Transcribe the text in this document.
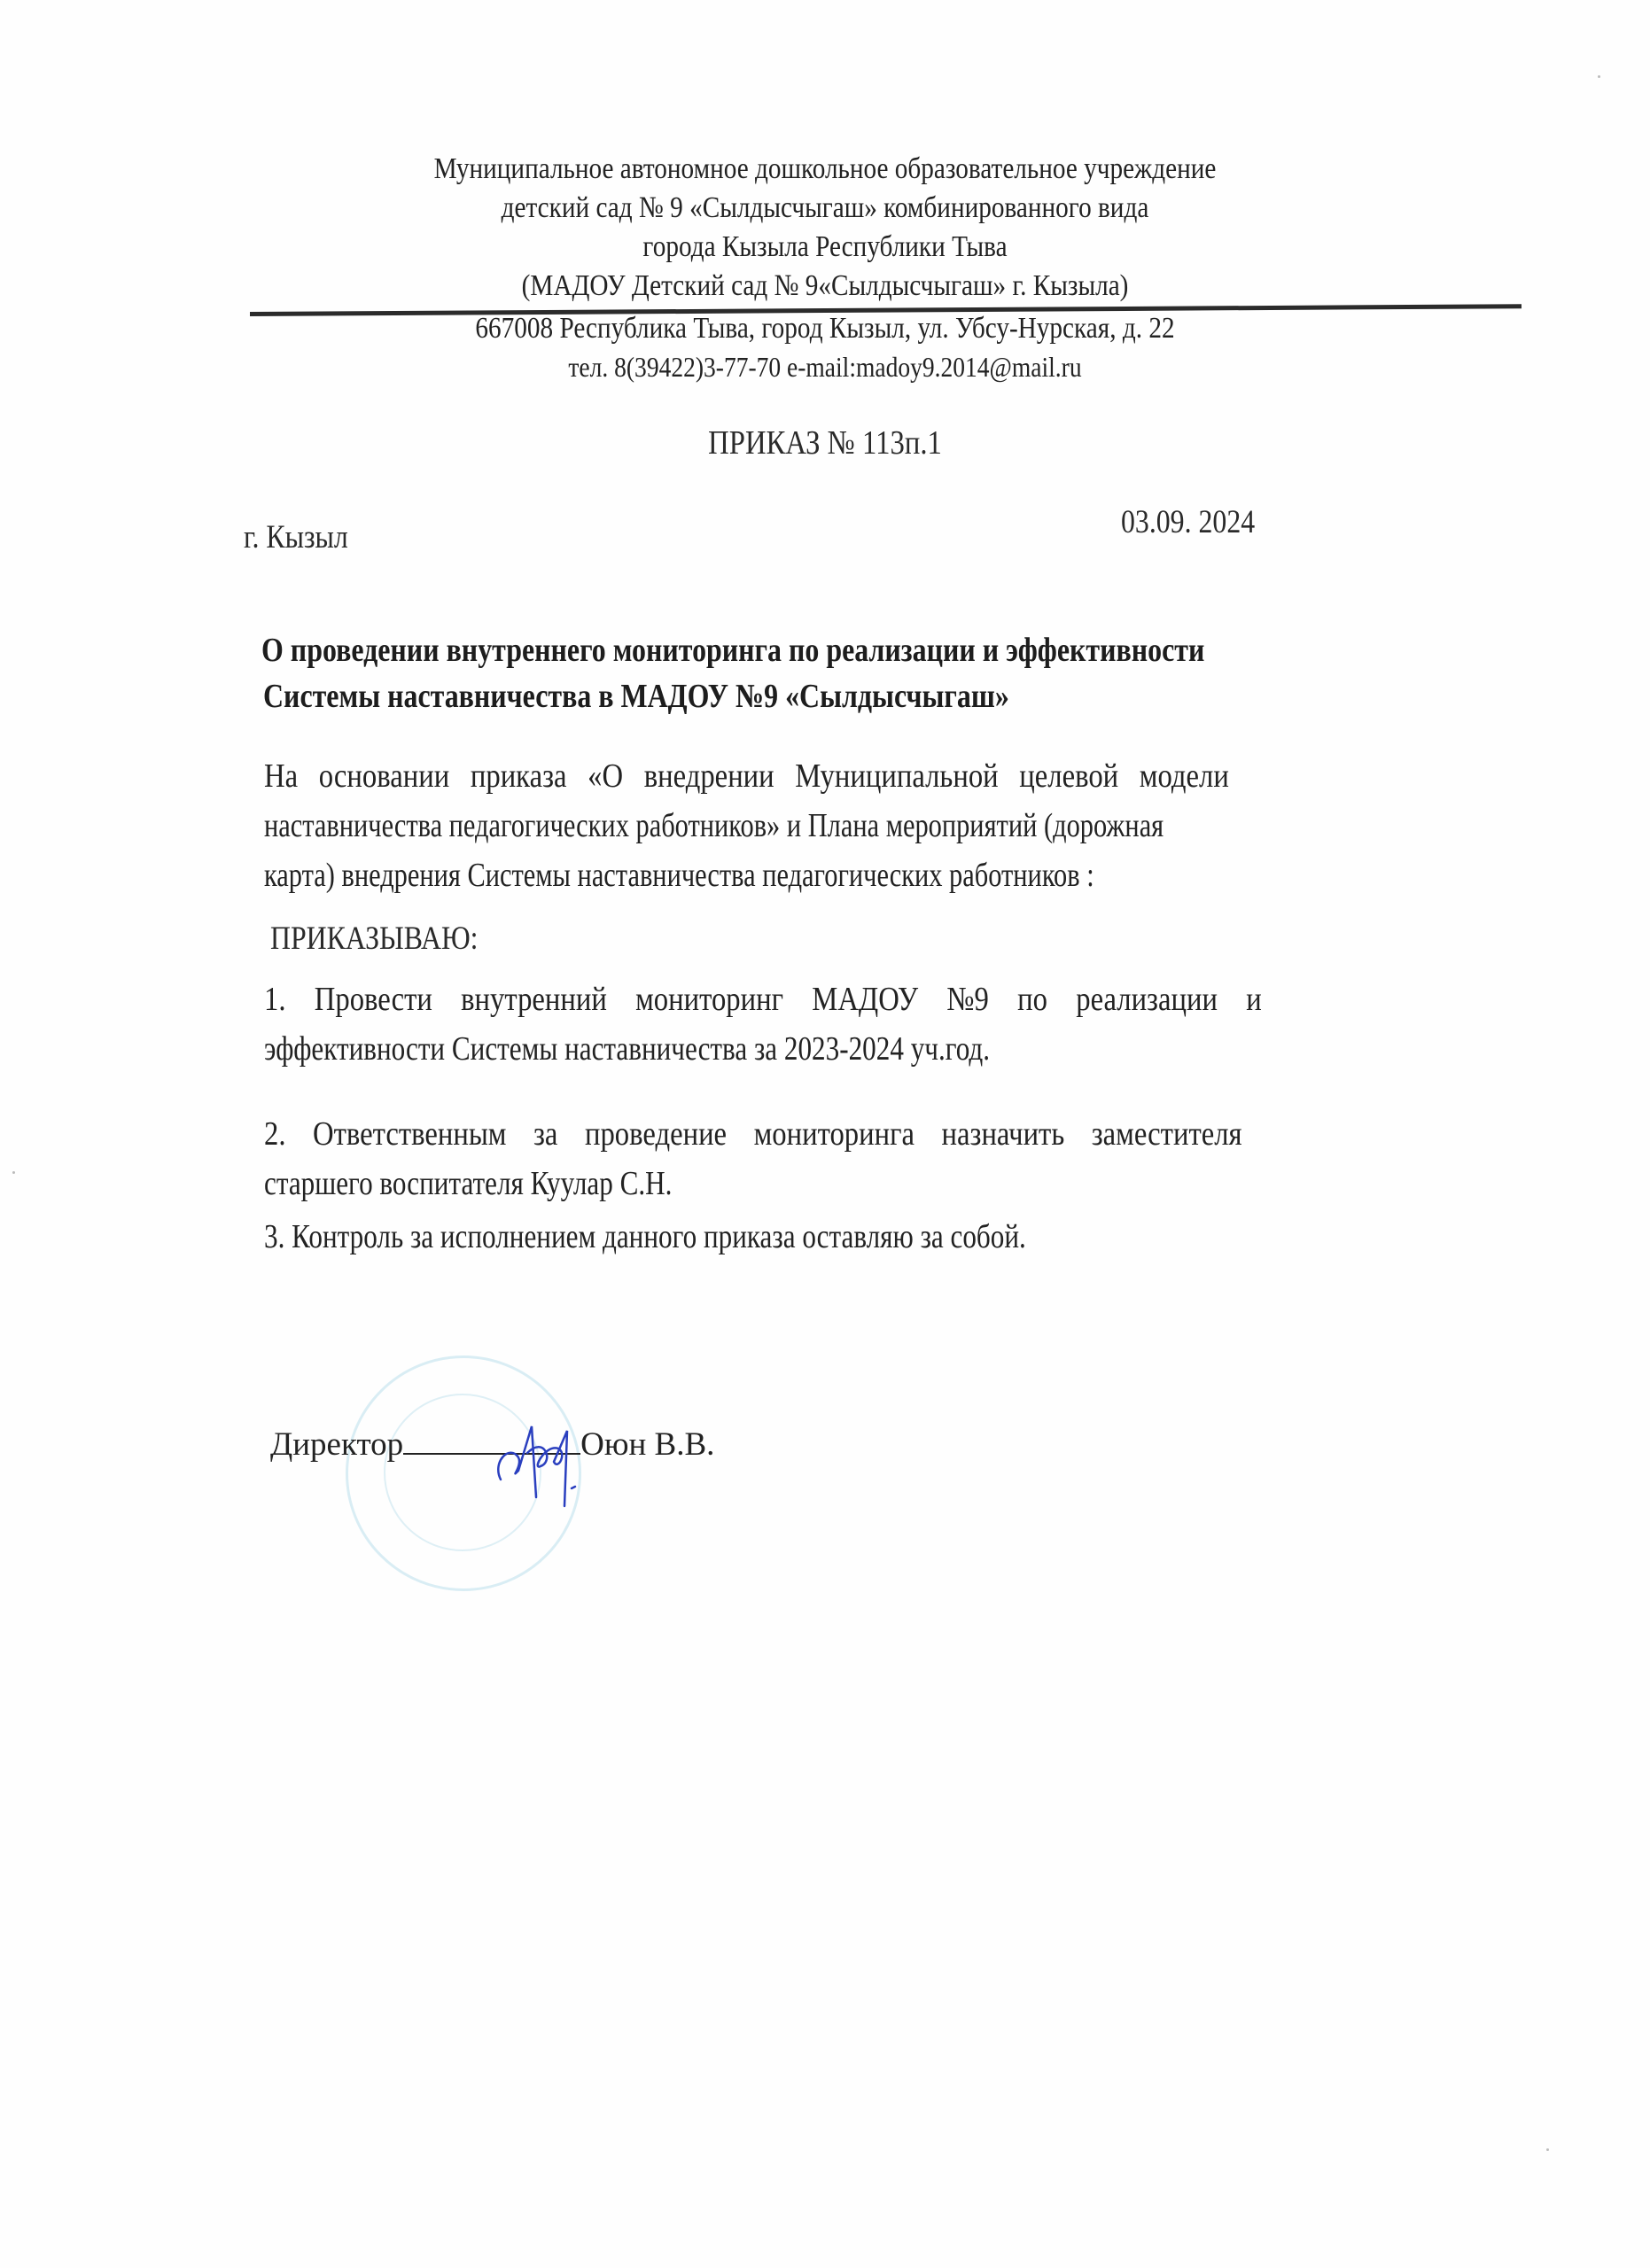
Муниципальное автономное дошкольное образовательное учреждение
детский сад № 9 «Сылдысчыгаш» комбинированного вида
города Кызыла Республики Тыва
(МАДОУ Детский сад № 9«Сылдысчыгаш» г. Кызыла)
667008 Республика Тыва, город Кызыл, ул. Убсу-Нурская, д. 22
тел. 8(39422)3-77-70 e-mail:madoy9.2014@mail.ru
ПРИКАЗ № 113п.1
г. Кызыл	03.09. 2024
О проведении внутреннего мониторинга по реализации и эффективности
Системы наставничества в МАДОУ №9 «Сылдысчыгаш»
На основании приказа «О внедрении Муниципальной целевой модели
наставничества педагогических работников» и Плана мероприятий (дорожная
карта) внедрения Системы наставничества педагогических работников :
ПРИКАЗЫВАЮ:
1. Провести внутренний мониторинг МАДОУ №9 по реализации и
эффективности Системы наставничества за 2023-2024 уч.год.
2. Ответственным за проведение мониторинга назначить заместителя
старшего воспитателя Куулар С.Н.
3. Контроль за исполнением данного приказа оставляю за собой.
Директор	Оюн В.В.
